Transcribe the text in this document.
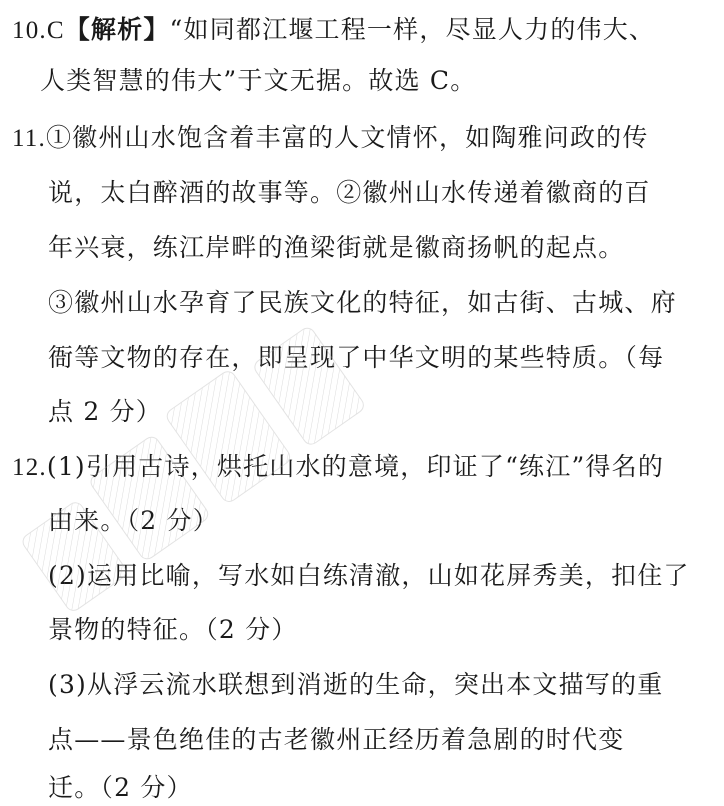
10.C【解析】“如同都江堰工程一样，尽显人力的伟大、
人类智慧的伟大”于文无据。故选 C。
11.①徽州山水饱含着丰富的人文情怀，如陶雅问政的传
说，太白醉酒的故事等。②徽州山水传递着徽商的百
年兴衰，练江岸畔的渔梁街就是徽商扬帆的起点。
③徽州山水孕育了民族文化的特征，如古街、古城、府
衙等文物的存在，即呈现了中华文明的某些特质。（每
点 2 分）
12.(1)引用古诗，烘托山水的意境，印证了“练江”得名的
由来。（2 分）
(2)运用比喻，写水如白练清澈，山如花屏秀美，扣住了
景物的特征。（2 分）
(3)从浮云流水联想到消逝的生命，突出本文描写的重
点——景色绝佳的古老徽州正经历着急剧的时代变
迁。（2 分）
